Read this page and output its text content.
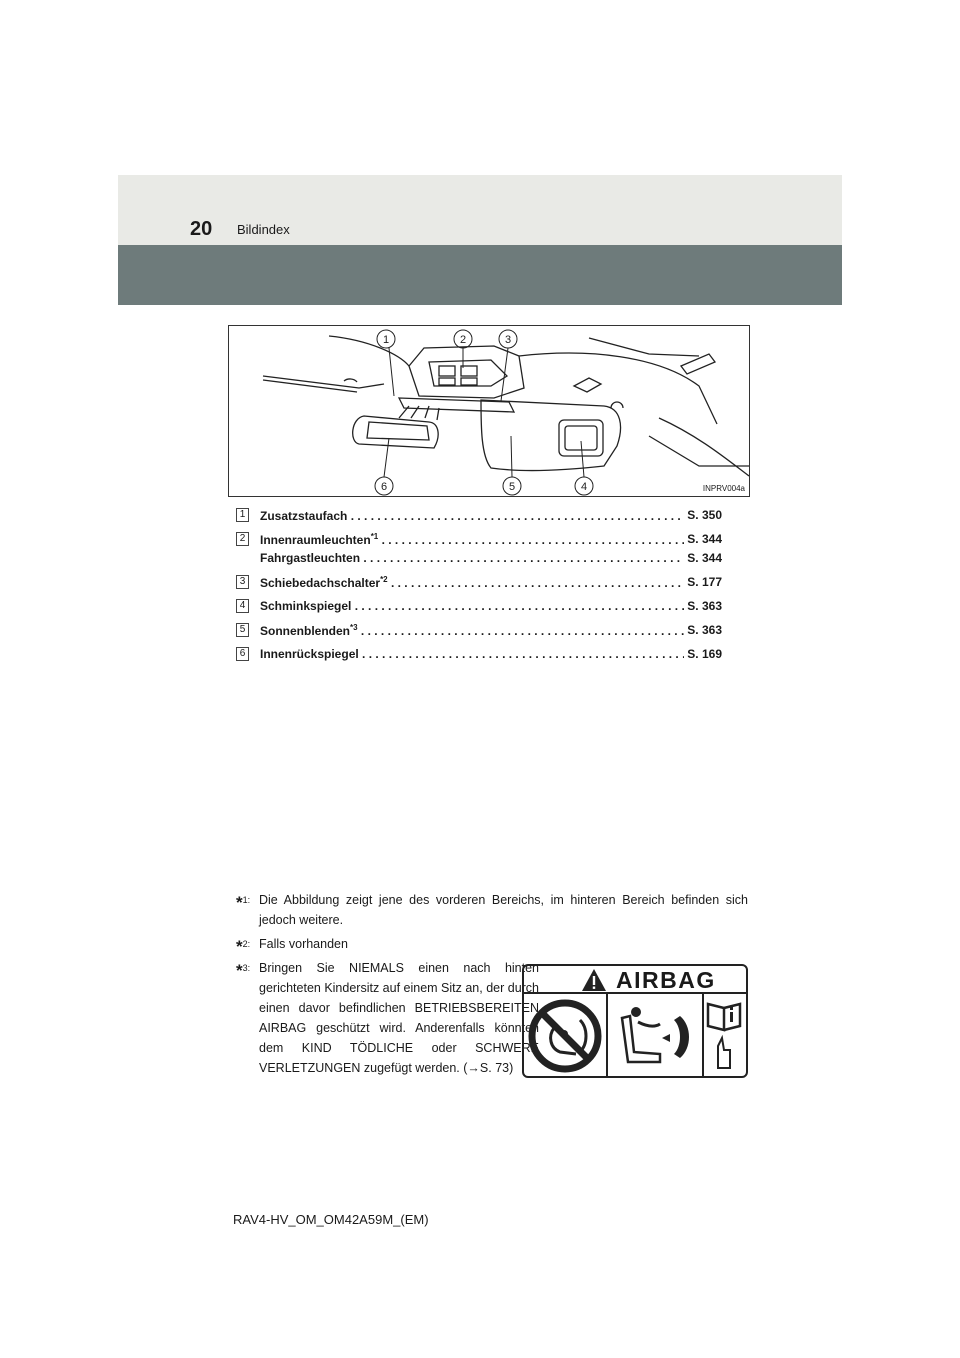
20 Bildindex
1	2	3
4
5
6	INPRV004a
1	Zusatzstaufach . . .	S. 350
2	Innenraumleuchten$^{*1}$ . . .	S. 344
Fahrgastleuchten . . .	S. 344
3	Schiebedachschalter$^{*2}$ . . .	S. 177
4	Schminkspiegel . . .	S. 363
5	Sonnenblenden$^{*3}$ . . .	S. 363
6	Innenrückspiegel . . .	S. 169
*$^{1:}$ Die Abbildung zeigt jene des vorderen Bereichs, im hinteren Bereich befinden sich jedoch weitere.
*$^{2:}$ Falls vorhanden
*$^{3:}$ Bringen Sie NIEMALS einen nach hinten gerichteten Kindersitz auf einem Sitz an, der durch einen davor befindlichen BETRIEBSBEREITEN AIRBAG geschützt wird. Anderenfalls könnten dem KIND TÖDLICHE oder SCHWERE VERLETZUNGEN zugefügt werden. (→S. 73)
AIRBAG
RAV4-HV_OM_OM42A59M_(EM)
